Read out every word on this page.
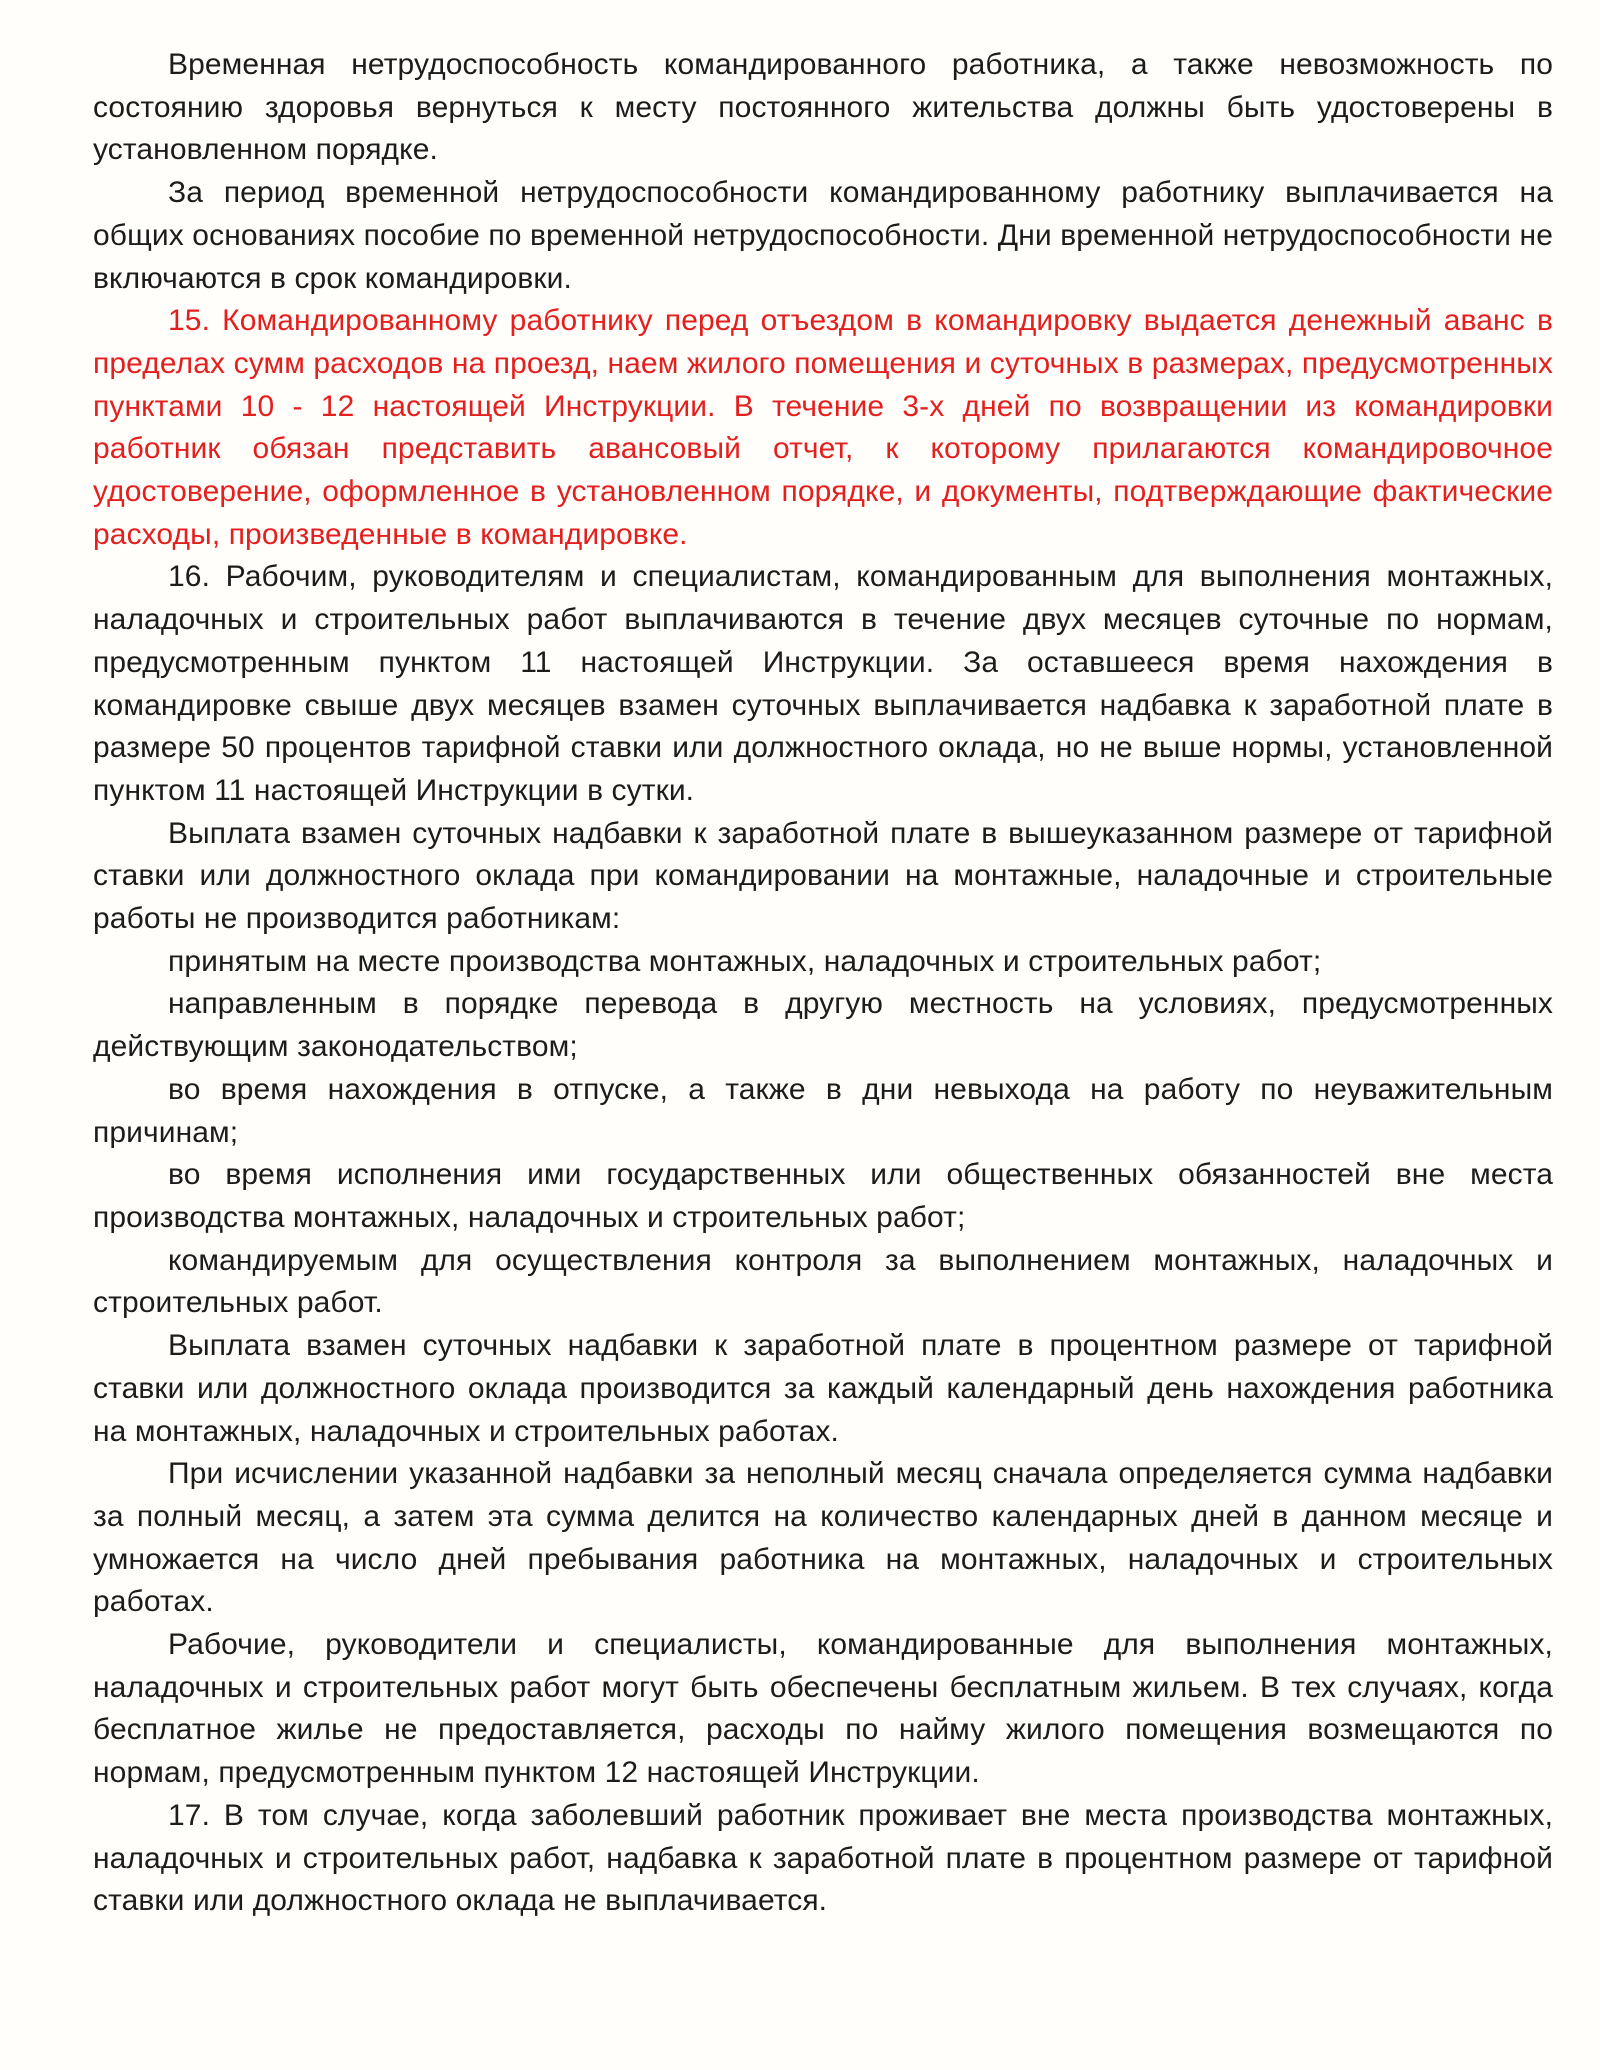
Временная нетрудоспособность командированного работника, а также невозможность по состоянию здоровья вернуться к месту постоянного жительства должны быть удостоверены в установленном порядке.

За период временной нетрудоспособности командированному работнику выплачивается на общих основаниях пособие по временной нетрудоспособности. Дни временной нетрудоспособности не включаются в срок командировки.

15. Командированному работнику перед отъездом в командировку выдается денежный аванс в пределах сумм расходов на проезд, наем жилого помещения и суточных в размерах, предусмотренных пунктами 10 - 12 настоящей Инструкции. В течение 3-х дней по возвращении из командировки работник обязан представить авансовый отчет, к которому прилагаются командировочное удостоверение, оформленное в установленном порядке, и документы, подтверждающие фактические расходы, произведенные в командировке.

16. Рабочим, руководителям и специалистам, командированным для выполнения монтажных, наладочных и строительных работ выплачиваются в течение двух месяцев суточные по нормам, предусмотренным пунктом 11 настоящей Инструкции. За оставшееся время нахождения в командировке свыше двух месяцев взамен суточных выплачивается надбавка к заработной плате в размере 50 процентов тарифной ставки или должностного оклада, но не выше нормы, установленной пунктом 11 настоящей Инструкции в сутки.

Выплата взамен суточных надбавки к заработной плате в вышеуказанном размере от тарифной ставки или должностного оклада при командировании на монтажные, наладочные и строительные работы не производится работникам:

принятым на месте производства монтажных, наладочных и строительных работ;

направленным в порядке перевода в другую местность на условиях, предусмотренных действующим законодательством;

во время нахождения в отпуске, а также в дни невыхода на работу по неуважительным причинам;

во время исполнения ими государственных или общественных обязанностей вне места производства монтажных, наладочных и строительных работ;

командируемым для осуществления контроля за выполнением монтажных, наладочных и строительных работ.

Выплата взамен суточных надбавки к заработной плате в процентном размере от тарифной ставки или должностного оклада производится за каждый календарный день нахождения работника на монтажных, наладочных и строительных работах.

При исчислении указанной надбавки за неполный месяц сначала определяется сумма надбавки за полный месяц, а затем эта сумма делится на количество календарных дней в данном месяце и умножается на число дней пребывания работника на монтажных, наладочных и строительных работах.

Рабочие, руководители и специалисты, командированные для выполнения монтажных, наладочных и строительных работ могут быть обеспечены бесплатным жильем. В тех случаях, когда бесплатное жилье не предоставляется, расходы по найму жилого помещения возмещаются по нормам, предусмотренным пунктом 12 настоящей Инструкции.

17. В том случае, когда заболевший работник проживает вне места производства монтажных, наладочных и строительных работ, надбавка к заработной плате в процентном размере от тарифной ставки или должностного оклада не выплачивается.
